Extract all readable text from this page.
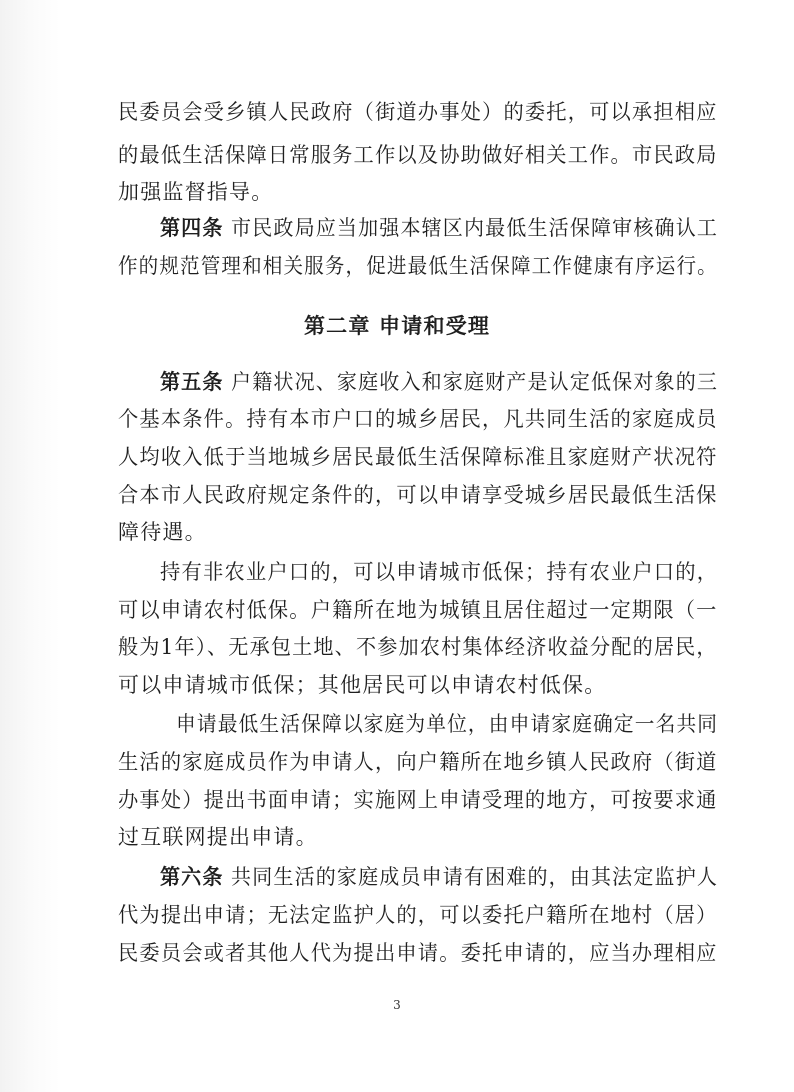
民委员会受乡镇人民政府（街道办事处）的委托，可以承担相应
的最低生活保障日常服务工作以及协助做好相关工作。市民政局
加强监督指导。
第四条 市民政局应当加强本辖区内最低生活保障审核确认工
作的规范管理和相关服务，促进最低生活保障工作健康有序运行。
第二章 申请和受理
第五条 户籍状况、家庭收入和家庭财产是认定低保对象的三
个基本条件。持有本市户口的城乡居民，凡共同生活的家庭成员
人均收入低于当地城乡居民最低生活保障标准且家庭财产状况符
合本市人民政府规定条件的，可以申请享受城乡居民最低生活保
障待遇。
持有非农业户口的，可以申请城市低保；持有农业户口的，
可以申请农村低保。户籍所在地为城镇且居住超过一定期限（一
般为1年）、无承包土地、不参加农村集体经济收益分配的居民，
可以申请城市低保；其他居民可以申请农村低保。
申请最低生活保障以家庭为单位，由申请家庭确定一名共同
生活的家庭成员作为申请人，向户籍所在地乡镇人民政府（街道
办事处）提出书面申请；实施网上申请受理的地方，可按要求通
过互联网提出申请。
第六条 共同生活的家庭成员申请有困难的，由其法定监护人
代为提出申请；无法定监护人的，可以委托户籍所在地村（居）
民委员会或者其他人代为提出申请。委托申请的，应当办理相应
3
